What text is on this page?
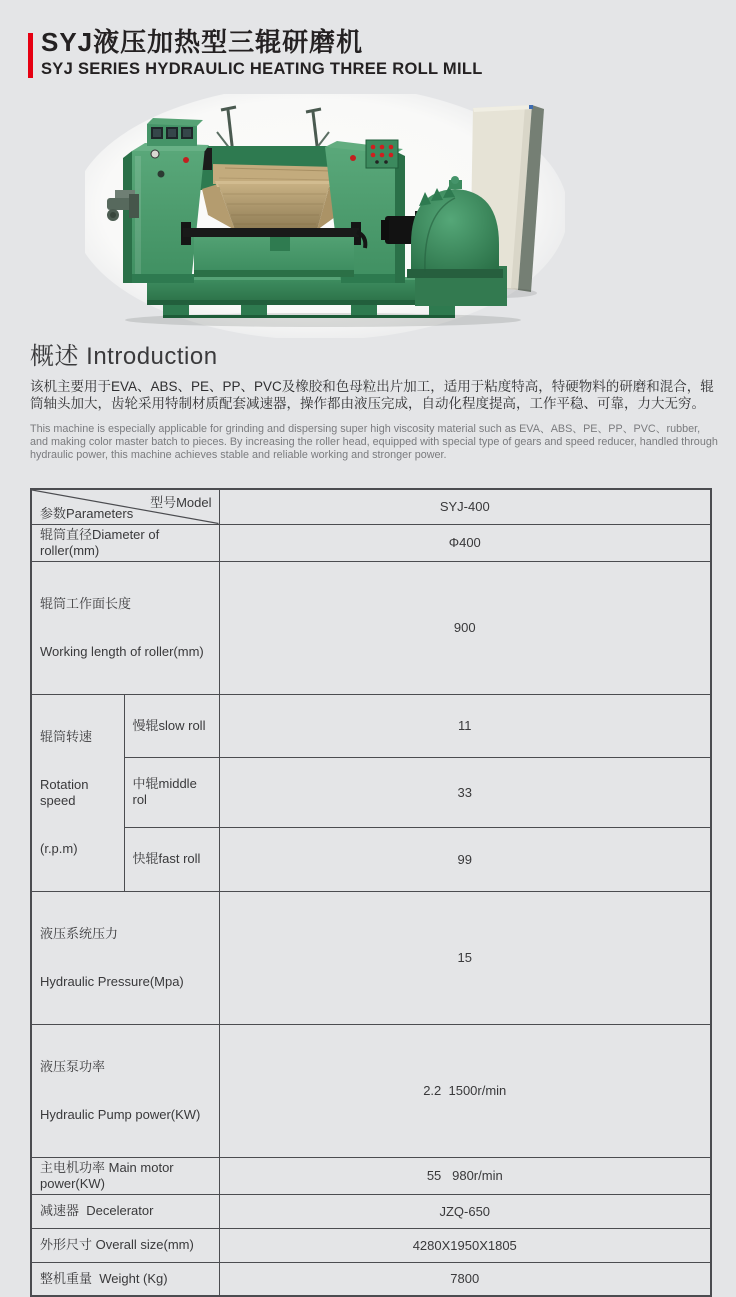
SYJ液压加热型三辊研磨机
SYJ SERIES HYDRAULIC HEATING THREE ROLL MILL
概述 Introduction
该机主要用于EVA、ABS、PE、PP、PVC及橡胶和色母粒出片加工，适用于粘度特高，特硬物料的研磨和混合，辊筒轴头加大，齿轮采用特制材质配套减速器，操作都由液压完成，自动化程度提高，工作平稳、可靠，力大无穷。
This machine is especially applicable for grinding and dispersing super high viscosity material such as EVA、ABS、PE、PP、PVC、rubber, and making color master batch to pieces. By increasing the roller head, equipped with special type of gears and speed reducer, handled through hydraulic power, this machine achieves stable and reliable working and stronger power.
型号Model
参数Parameters		SYJ-400
辊筒直径Diameter of roller(mm)		Φ400

辊筒工作面长度

Working length of roller(mm)		900

辊筒转速

Rotation speed

(r.p.m)	慢辊slow roll	11
	中辊middle rol	33
	快辊fast roll	99

液压系统压力

Hydraulic Pressure(Mpa)		15

液压泵功率

Hydraulic Pump power(KW)		2.2  1500r/min
主电机功率 Main motor power(KW)		55   980r/min
减速器  Decelerator		JZQ-650
外形尺寸 Overall size(mm)		4280X1950X1805
整机重量  Weight (Kg)		7800
